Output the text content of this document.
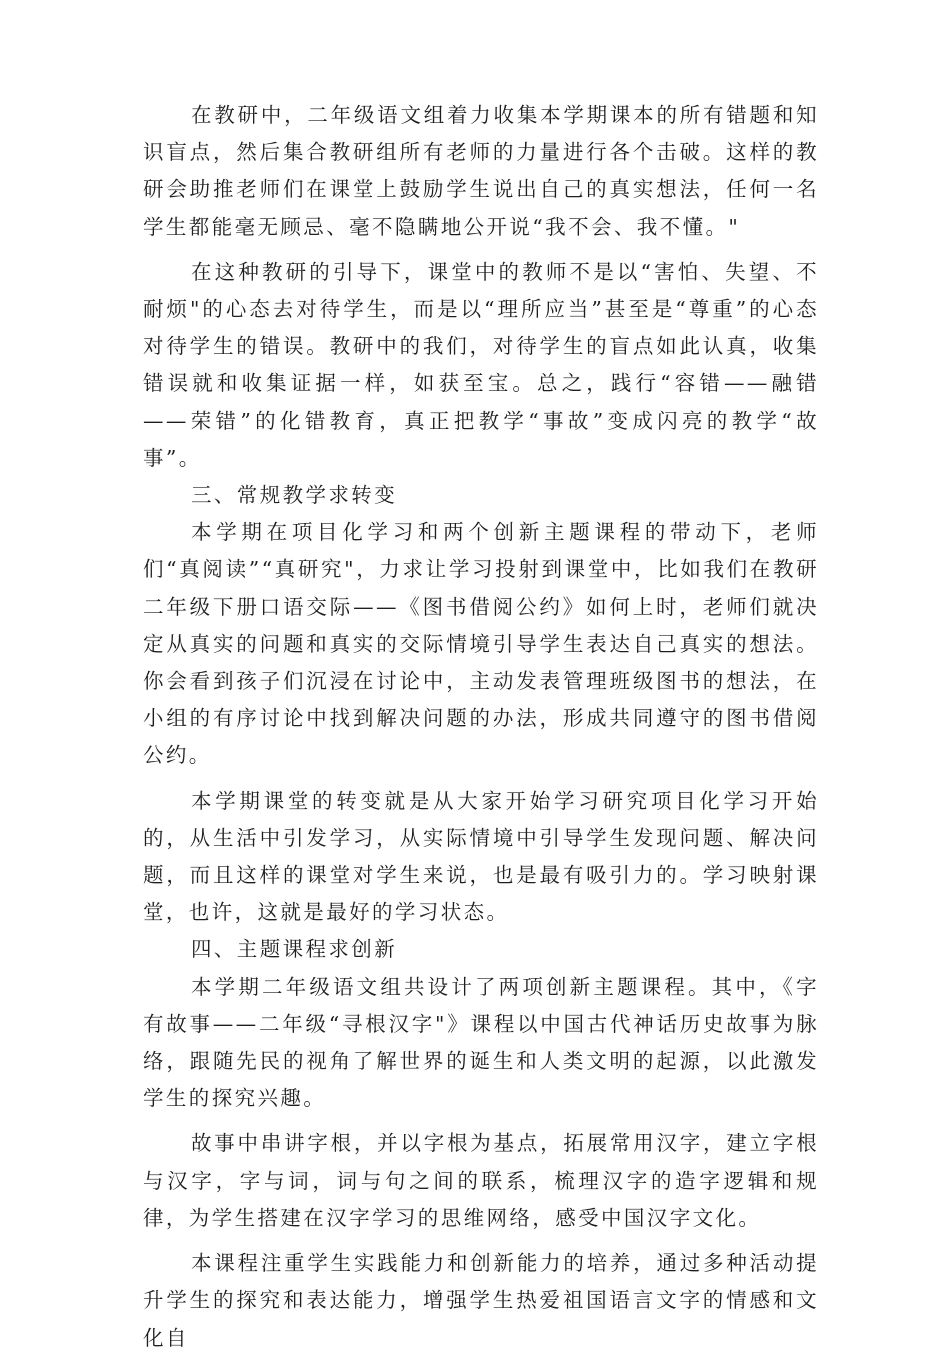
在教研中，二年级语文组着力收集本学期课本的所有错题和知识盲点，然后集合教研组所有老师的力量进行各个击破。这样的教研会助推老师们在课堂上鼓励学生说出自己的真实想法，任何一名学生都能毫无顾忌、毫不隐瞒地公开说“我不会、我不懂。"

在这种教研的引导下，课堂中的教师不是以“害怕、失望、不耐烦"的心态去对待学生，而是以“理所应当”甚至是“尊重”的心态对待学生的错误。教研中的我们，对待学生的盲点如此认真，收集错误就和收集证据一样，如获至宝。总之，践行“容错——融错——荣错”的化错教育，真正把教学“事故”变成闪亮的教学“故事”。

三、常规教学求转变

本学期在项目化学习和两个创新主题课程的带动下，老师们“真阅读”“真研究"，力求让学习投射到课堂中，比如我们在教研二年级下册口语交际——《图书借阅公约》如何上时，老师们就决定从真实的问题和真实的交际情境引导学生表达自己真实的想法。你会看到孩子们沉浸在讨论中，主动发表管理班级图书的想法，在小组的有序讨论中找到解决问题的办法，形成共同遵守的图书借阅公约。

本学期课堂的转变就是从大家开始学习研究项目化学习开始的，从生活中引发学习，从实际情境中引导学生发现问题、解决问题，而且这样的课堂对学生来说，也是最有吸引力的。学习映射课堂，也许，这就是最好的学习状态。

四、主题课程求创新

本学期二年级语文组共设计了两项创新主题课程。其中，《字有故事——二年级“寻根汉字"》课程以中国古代神话历史故事为脉络，跟随先民的视角了解世界的诞生和人类文明的起源，以此激发学生的探究兴趣。

故事中串讲字根，并以字根为基点，拓展常用汉字，建立字根与汉字，字与词，词与句之间的联系，梳理汉字的造字逻辑和规律，为学生搭建在汉字学习的思维网络，感受中国汉字文化。

本课程注重学生实践能力和创新能力的培养，通过多种活动提升学生的探究和表达能力，增强学生热爱祖国语言文字的情感和文化自
